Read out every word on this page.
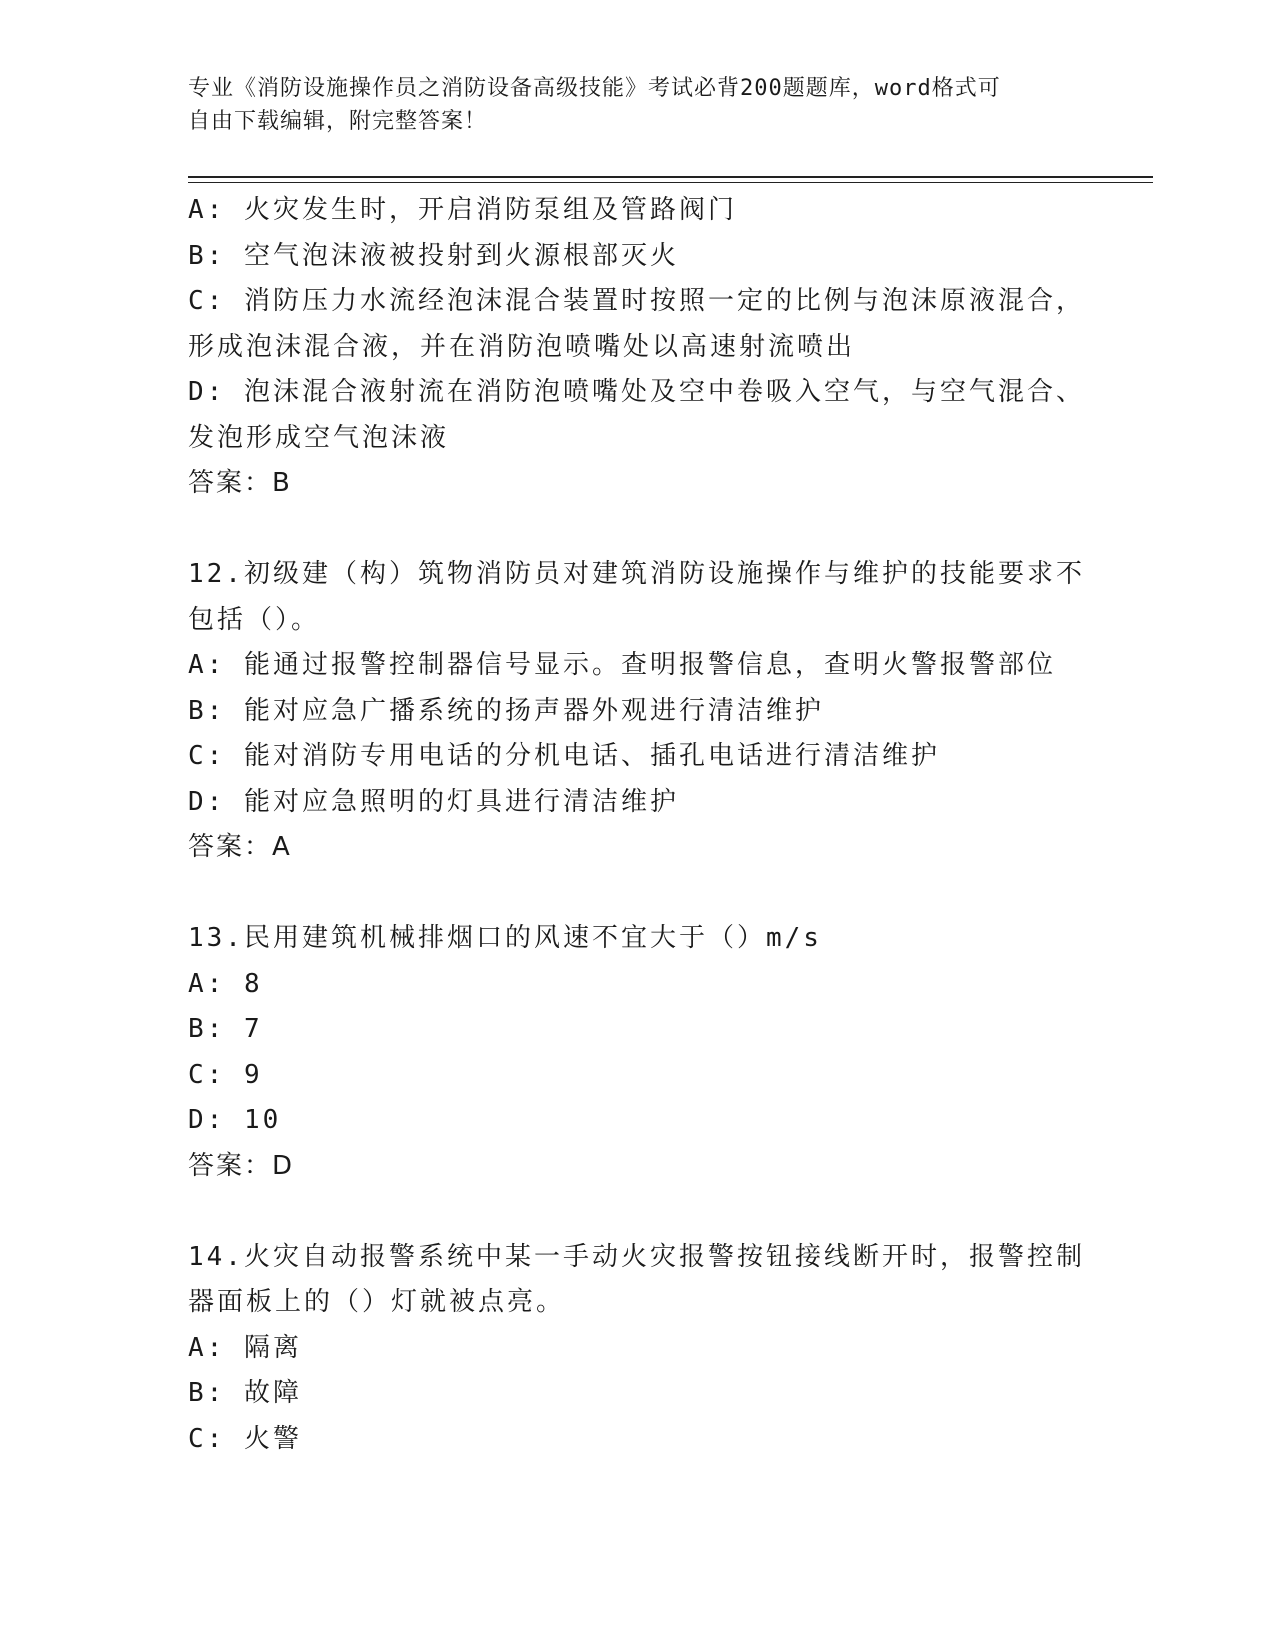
专业《消防设施操作员之消防设备高级技能》考试必背200题题库，word格式可
自由下载编辑，附完整答案！
A: 火灾发生时，开启消防泵组及管路阀门
B: 空气泡沫液被投射到火源根部灭火
C: 消防压力水流经泡沫混合装置时按照一定的比例与泡沫原液混合，
形成泡沫混合液，并在消防泡喷嘴处以高速射流喷出
D: 泡沫混合液射流在消防泡喷嘴处及空中卷吸入空气，与空气混合、
发泡形成空气泡沫液
答案：B
12.初级建（构）筑物消防员对建筑消防设施操作与维护的技能要求不
包括（）。
A: 能通过报警控制器信号显示。查明报警信息，查明火警报警部位
B: 能对应急广播系统的扬声器外观进行清洁维护
C: 能对消防专用电话的分机电话、插孔电话进行清洁维护
D: 能对应急照明的灯具进行清洁维护
答案：A
13.民用建筑机械排烟口的风速不宜大于（）m/s
A: 8
B: 7
C: 9
D: 10
答案：D
14.火灾自动报警系统中某一手动火灾报警按钮接线断开时，报警控制
器面板上的（）灯就被点亮。
A: 隔离
B: 故障
C: 火警
